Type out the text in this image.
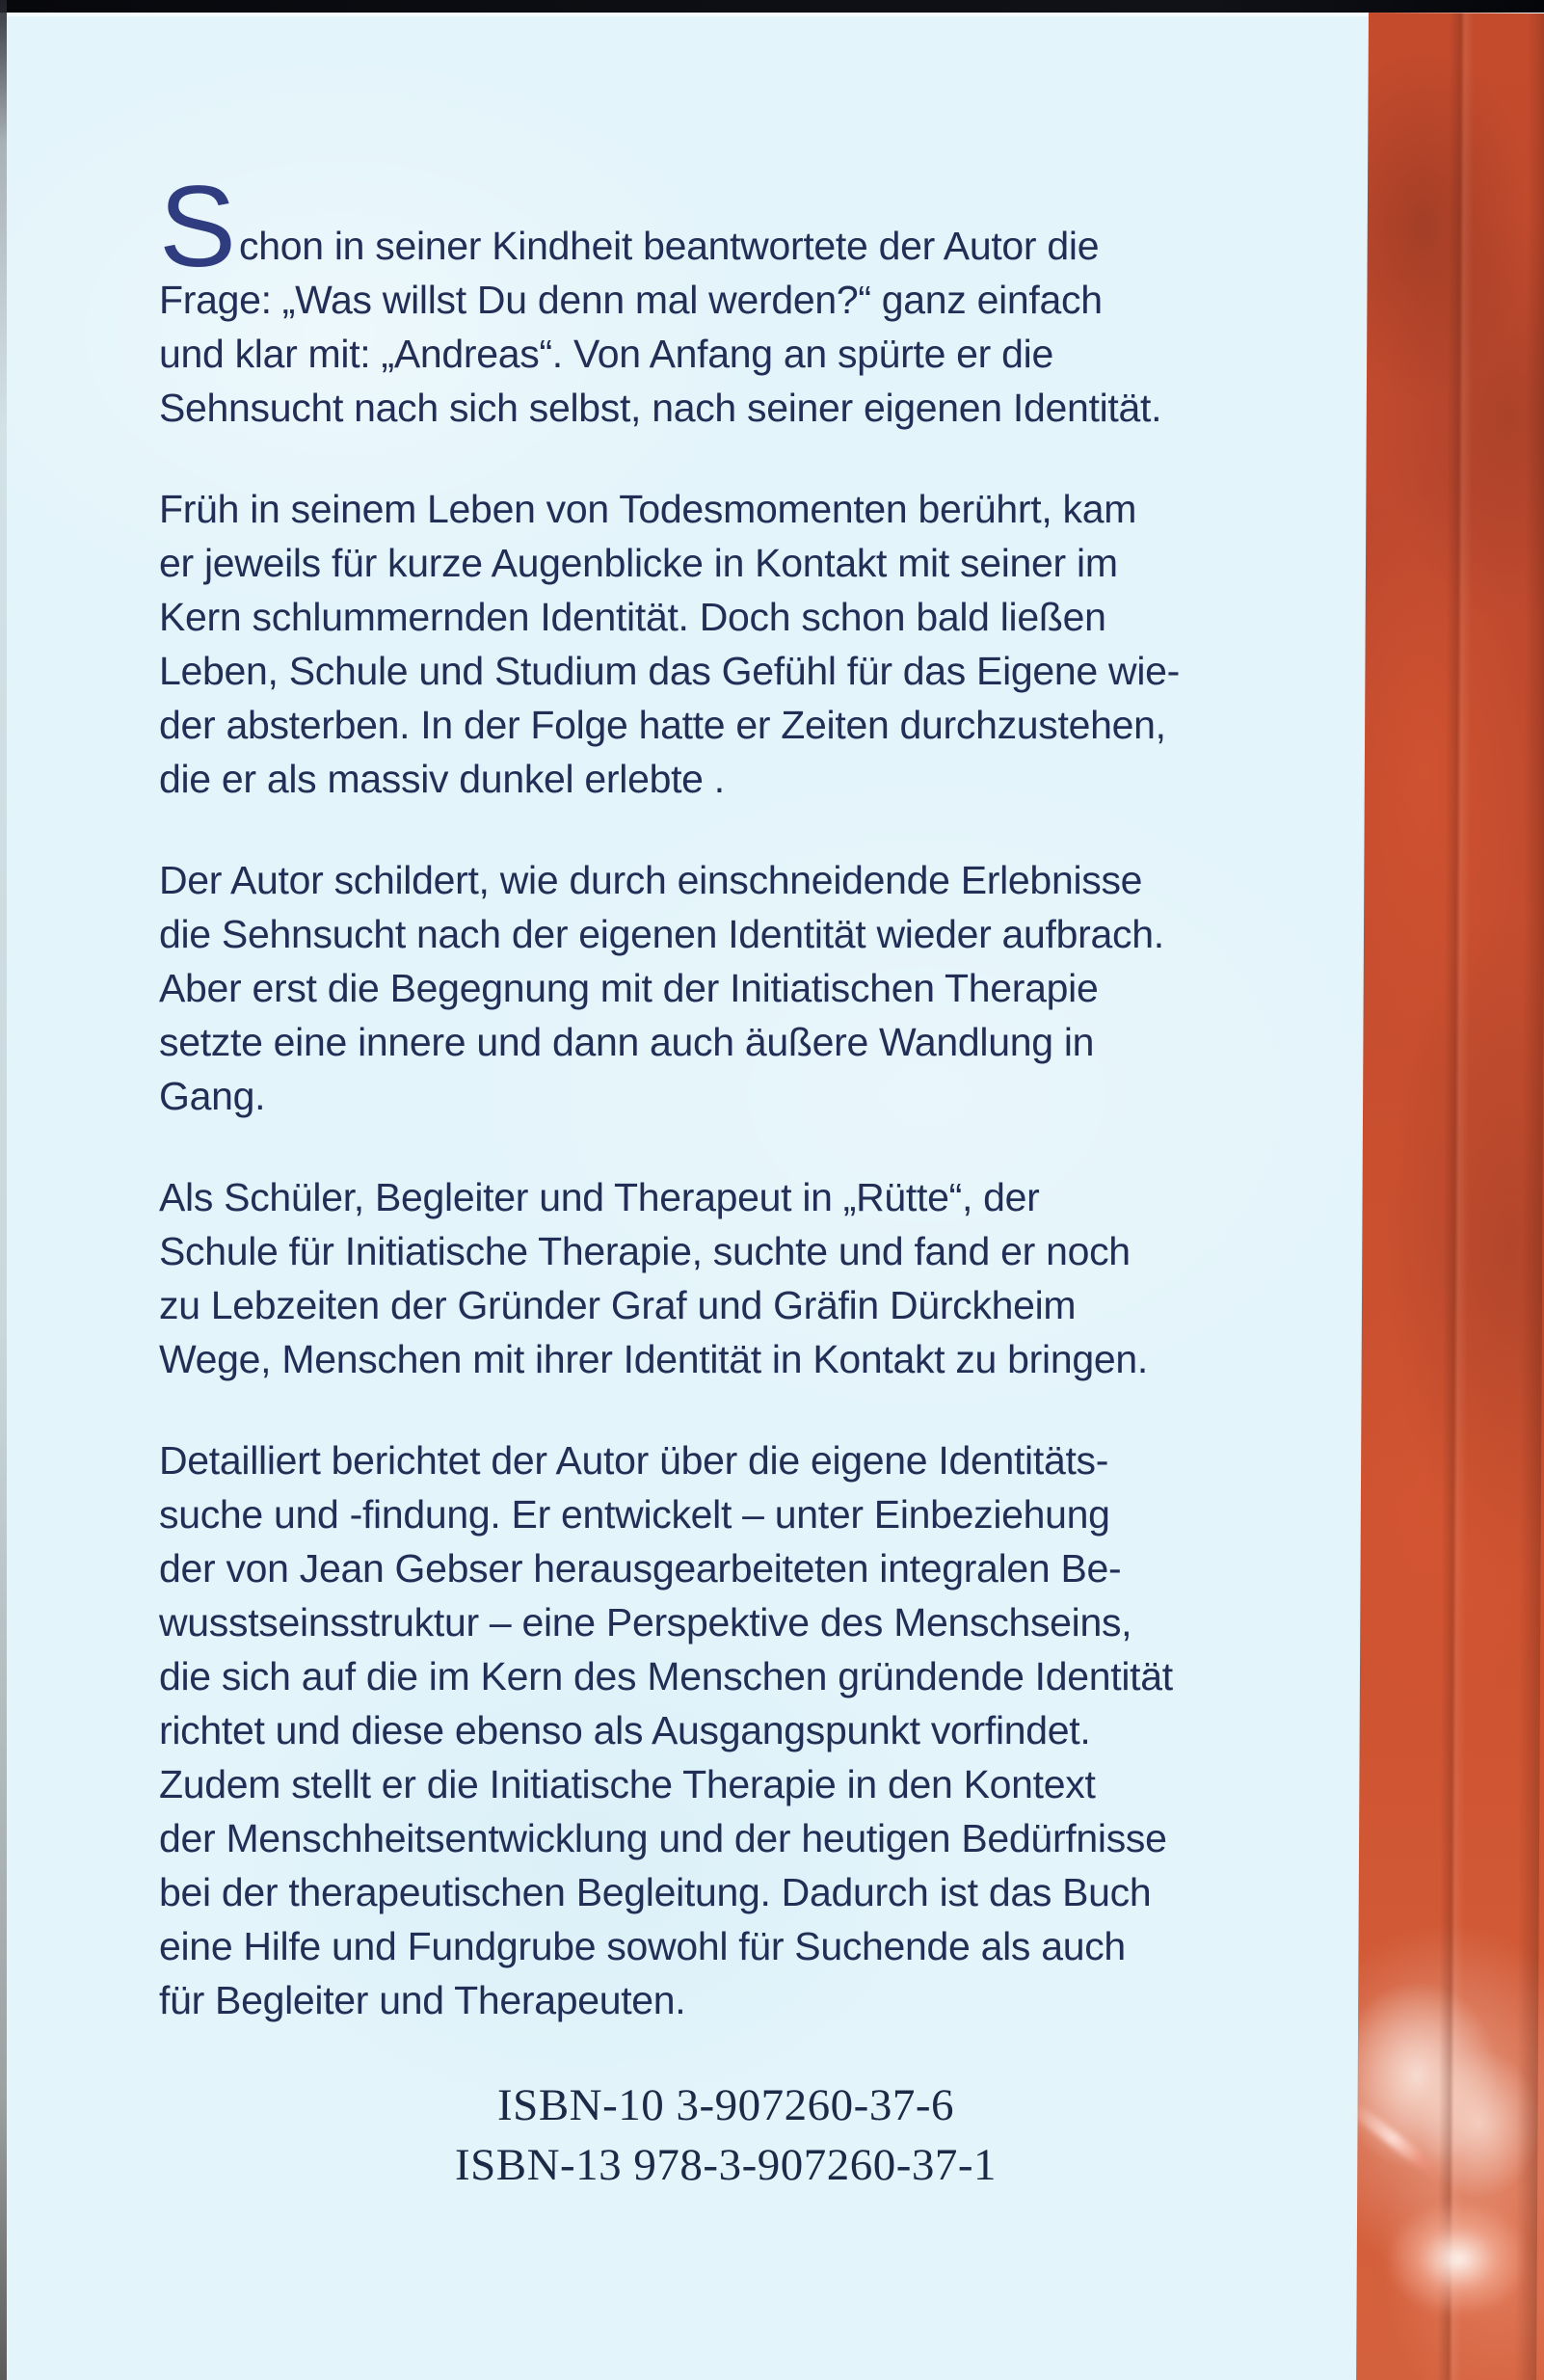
Schon in seiner Kindheit beantwortete der Autor die
Frage: „Was willst Du denn mal werden?“ ganz einfach
und klar mit: „Andreas“. Von Anfang an spürte er die
Sehnsucht nach sich selbst, nach seiner eigenen Identität.
Früh in seinem Leben von Todesmomenten berührt, kam
er jeweils für kurze Augenblicke in Kontakt mit seiner im
Kern schlummernden Identität. Doch schon bald ließen
Leben, Schule und Studium das Gefühl für das Eigene wie-
der absterben. In der Folge hatte er Zeiten durchzustehen,
die er als massiv dunkel erlebte .
Der Autor schildert, wie durch einschneidende Erlebnisse
die Sehnsucht nach der eigenen Identität wieder aufbrach.
Aber erst die Begegnung mit der Initiatischen Therapie
setzte eine innere und dann auch äußere Wandlung in
Gang.
Als Schüler, Begleiter und Therapeut in „Rütte“, der
Schule für Initiatische Therapie, suchte und fand er noch
zu Lebzeiten der Gründer Graf und Gräfin Dürckheim
Wege, Menschen mit ihrer Identität in Kontakt zu bringen.
Detailliert berichtet der Autor über die eigene Identitäts-
suche und -findung. Er entwickelt – unter Einbeziehung
der von Jean Gebser herausgearbeiteten integralen Be-
wusstseinsstruktur – eine Perspektive des Menschseins,
die sich auf die im Kern des Menschen gründende Identität
richtet und diese ebenso als Ausgangspunkt vorfindet.
Zudem stellt er die Initiatische Therapie in den Kontext
der Menschheitsentwicklung und der heutigen Bedürfnisse
bei der therapeutischen Begleitung. Dadurch ist das Buch
eine Hilfe und Fundgrube sowohl für Suchende als auch
für Begleiter und Therapeuten.
ISBN-10 3-907260-37-6
ISBN-13 978-3-907260-37-1
